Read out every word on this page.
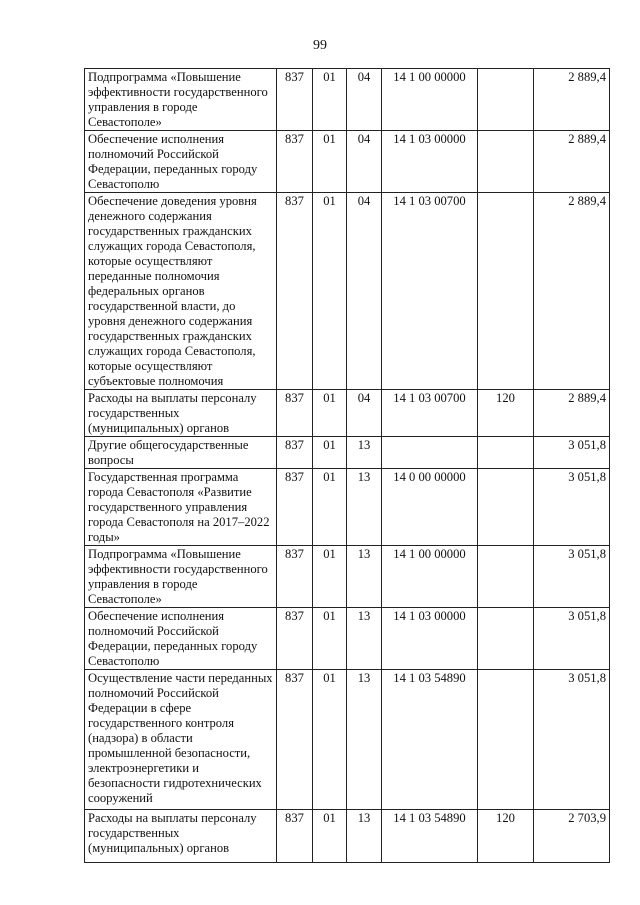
99
Подпрограмма «Повышение эффективности государственного управления в городе Севастополе»	837	01	04	14 1 00 00000		2 889,4
Обеспечение исполнения полномочий Российской Федерации, переданных городу Севастополю	837	01	04	14 1 03 00000		2 889,4
Обеспечение доведения уровня денежного содержания государственных гражданских служащих города Севастополя, которые осуществляют переданные полномочия федеральных органов государственной власти, до уровня денежного содержания государственных гражданских служащих города Севастополя, которые осуществляют субъектовые полномочия	837	01	04	14 1 03 00700		2 889,4
Расходы на выплаты персоналу государственных (муниципальных) органов	837	01	04	14 1 03 00700	120	2 889,4
Другие общегосударственные вопросы	837	01	13			3 051,8
Государственная программа города Севастополя «Развитие государственного управления города Севастополя на 2017–2022 годы»	837	01	13	14 0 00 00000		3 051,8
Подпрограмма «Повышение эффективности государственного управления в городе Севастополе»	837	01	13	14 1 00 00000		3 051,8
Обеспечение исполнения полномочий Российской Федерации, переданных городу Севастополю	837	01	13	14 1 03 00000		3 051,8
Осуществление части переданных полномочий Российской Федерации в сфере государственного контроля (надзора) в области промышленной безопасности, электроэнергетики и безопасности гидротехнических сооружений	837	01	13	14 1 03 54890		3 051,8
Расходы на выплаты персоналу государственных (муниципальных) органов	837	01	13	14 1 03 54890	120	2 703,9
